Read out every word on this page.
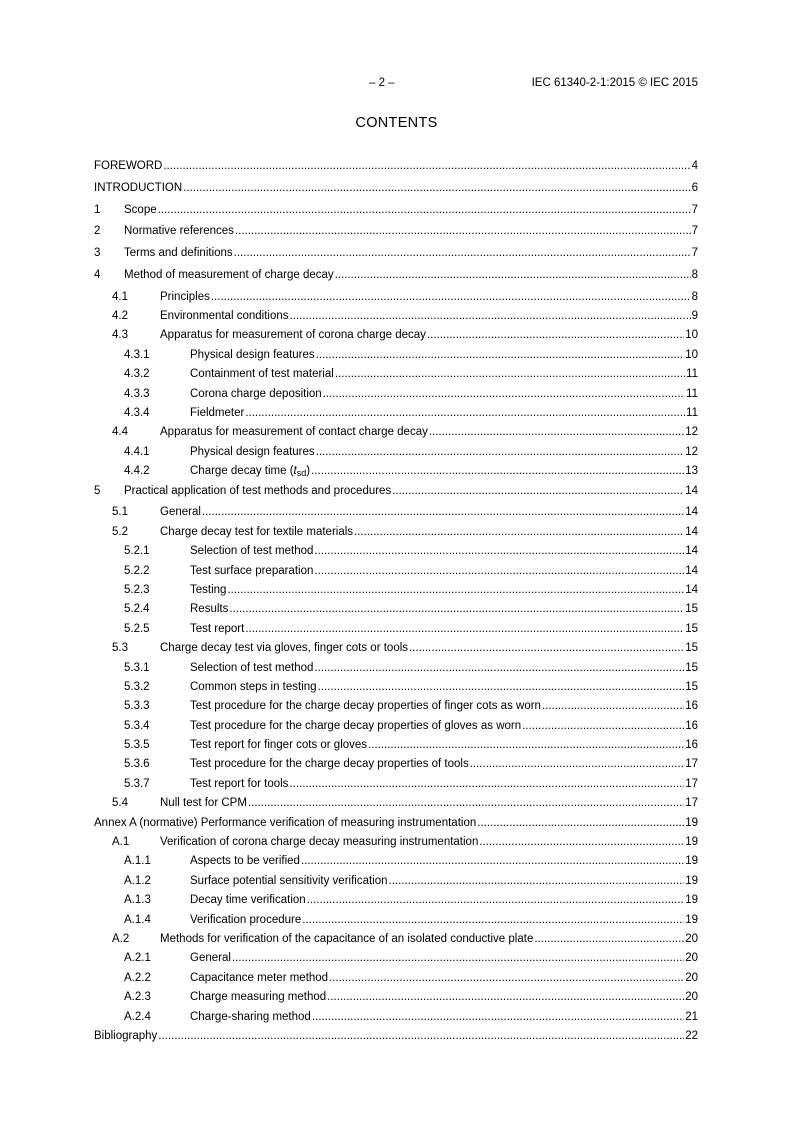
– 2 –	IEC 61340-2-1:2015 © IEC 2015
CONTENTS
FOREWORD .....	4
INTRODUCTION .....	6
1	Scope .....	7
2	Normative references .....	7
3	Terms and definitions .....	7
4	Method of measurement of charge decay .....	8
4.1	Principles .....	8
4.2	Environmental conditions .....	9
4.3	Apparatus for measurement of corona charge decay .....	10
4.3.1	Physical design features .....	10
4.3.2	Containment of test material .....	11
4.3.3	Corona charge deposition .....	11
4.3.4	Fieldmeter .....	11
4.4	Apparatus for measurement of contact charge decay .....	12
4.4.1	Physical design features .....	12
4.4.2	Charge decay time (tsd) .....	13
5	Practical application of test methods and procedures .....	14
5.1	General .....	14
5.2	Charge decay test for textile materials .....	14
5.2.1	Selection of test method .....	14
5.2.2	Test surface preparation .....	14
5.2.3	Testing .....	14
5.2.4	Results .....	15
5.2.5	Test report .....	15
5.3	Charge decay test via gloves, finger cots or tools .....	15
5.3.1	Selection of test method .....	15
5.3.2	Common steps in testing .....	15
5.3.3	Test procedure for the charge decay properties of finger cots as worn .....	16
5.3.4	Test procedure for the charge decay properties of gloves as worn .....	16
5.3.5	Test report for finger cots or gloves .....	16
5.3.6	Test procedure for the charge decay properties of tools .....	17
5.3.7	Test report for tools .....	17
5.4	Null test for CPM .....	17
Annex A (normative) Performance verification of measuring instrumentation .....	19
A.1	Verification of corona charge decay measuring instrumentation .....	19
A.1.1	Aspects to be verified .....	19
A.1.2	Surface potential sensitivity verification .....	19
A.1.3	Decay time verification .....	19
A.1.4	Verification procedure .....	19
A.2	Methods for verification of the capacitance of an isolated conductive plate .....	20
A.2.1	General .....	20
A.2.2	Capacitance meter method .....	20
A.2.3	Charge measuring method .....	20
A.2.4	Charge-sharing method .....	21
Bibliography .....	22
